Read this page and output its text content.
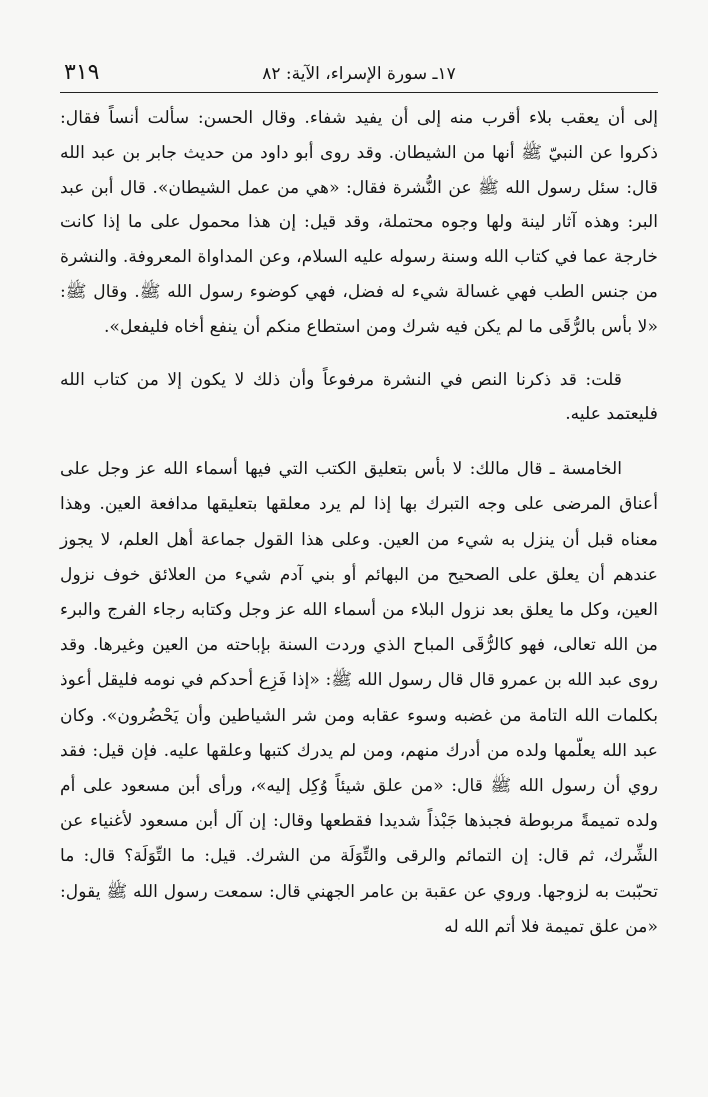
١٧ـ سورة الإسراء، الآية: ٨٢
٣١٩

إلى أن يعقب بلاء أقرب منه إلى أن يفيد شفاء. وقال الحسن: سألت أنساً فقال: ذكروا عن النبيّ ﷺ أنها من الشيطان. وقد روى أبو داود من حديث جابر بن عبد الله قال: سئل رسول الله ﷺ عن النُّشرة فقال: «هي من عمل الشيطان». قال أبن عبد البر: وهذه آثار لينة ولها وجوه محتملة، وقد قيل: إن هذا محمول على ما إذا كانت خارجة عما في كتاب الله وسنة رسوله عليه السلام، وعن المداواة المعروفة. والنشرة من جنس الطب فهي غسالة شيء له فضل، فهي كوضوء رسول الله ﷺ. وقال ﷺ: «لا بأس بالرُّقَى ما لم يكن فيه شرك ومن استطاع منكم أن ينفع أخاه فليفعل».

قلت: قد ذكرنا النص في النشرة مرفوعاً وأن ذلك لا يكون إلا من كتاب الله فليعتمد عليه.

الخامسة ـ قال مالك: لا بأس بتعليق الكتب التي فيها أسماء الله عز وجل على أعناق المرضى على وجه التبرك بها إذا لم يرد معلقها بتعليقها مدافعة العين. وهذا معناه قبل أن ينزل به شيء من العين. وعلى هذا القول جماعة أهل العلم، لا يجوز عندهم أن يعلق على الصحيح من البهائم أو بني آدم شيء من العلائق خوف نزول العين، وكل ما يعلق بعد نزول البلاء من أسماء الله عز وجل وكتابه رجاء الفرج والبرء من الله تعالى، فهو كالرُّقَى المباح الذي وردت السنة بإباحته من العين وغيرها. وقد روى عبد الله بن عمرو قال قال رسول الله ﷺ: «إذا فَزِع أحدكم في نومه فليقل أعوذ بكلمات الله التامة من غضبه وسوء عقابه ومن شر الشياطين وأن يَحْضُرون». وكان عبد الله يعلّمها ولده من أدرك منهم، ومن لم يدرك كتبها وعلقها عليه. فإن قيل: فقد روي أن رسول الله ﷺ قال: «من علق شيئاً وُكِل إليه»، ورأى أبن مسعود على أم ولده تميمةً مربوطة فجبذها جَبْذاً شديدا فقطعها وقال: إن آل أبن مسعود لأغنياء عن الشِّرك، ثم قال: إن التمائم والرقى والتِّوَلَة من الشرك. قيل: ما التِّوَلَة؟ قال: ما تحبّبت به لزوجها. وروي عن عقبة بن عامر الجهني قال: سمعت رسول الله ﷺ يقول: «من علق تميمة فلا أتم الله له
